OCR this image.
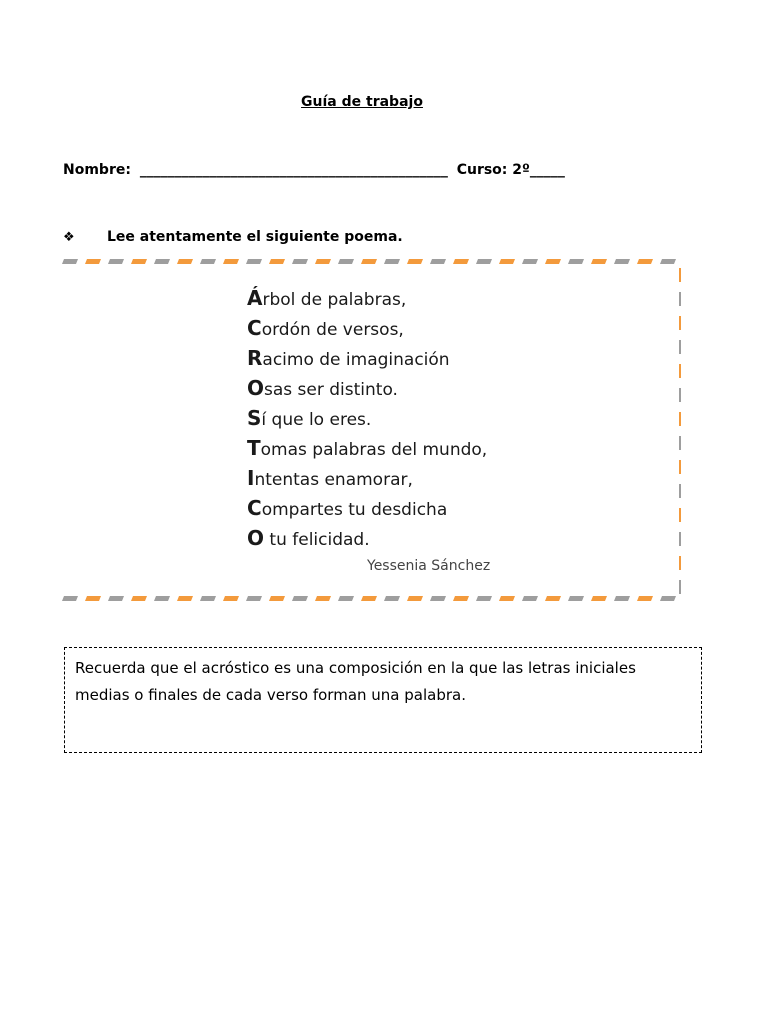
Guía de trabajo
Nombre: ____________________________________________ Curso: 2º_____
❖ Lee atentamente el siguiente poema.
Árbol de palabras,
Cordón de versos,
Racimo de imaginación
Osas ser distinto.
Sí que lo eres.
Tomas palabras del mundo,
Intentas enamorar,
Compartes tu desdicha
O tu felicidad.
Yessenia Sánchez
Recuerda que el acróstico es una composición en la que las letras iniciales medias o finales de cada verso forman una palabra.
